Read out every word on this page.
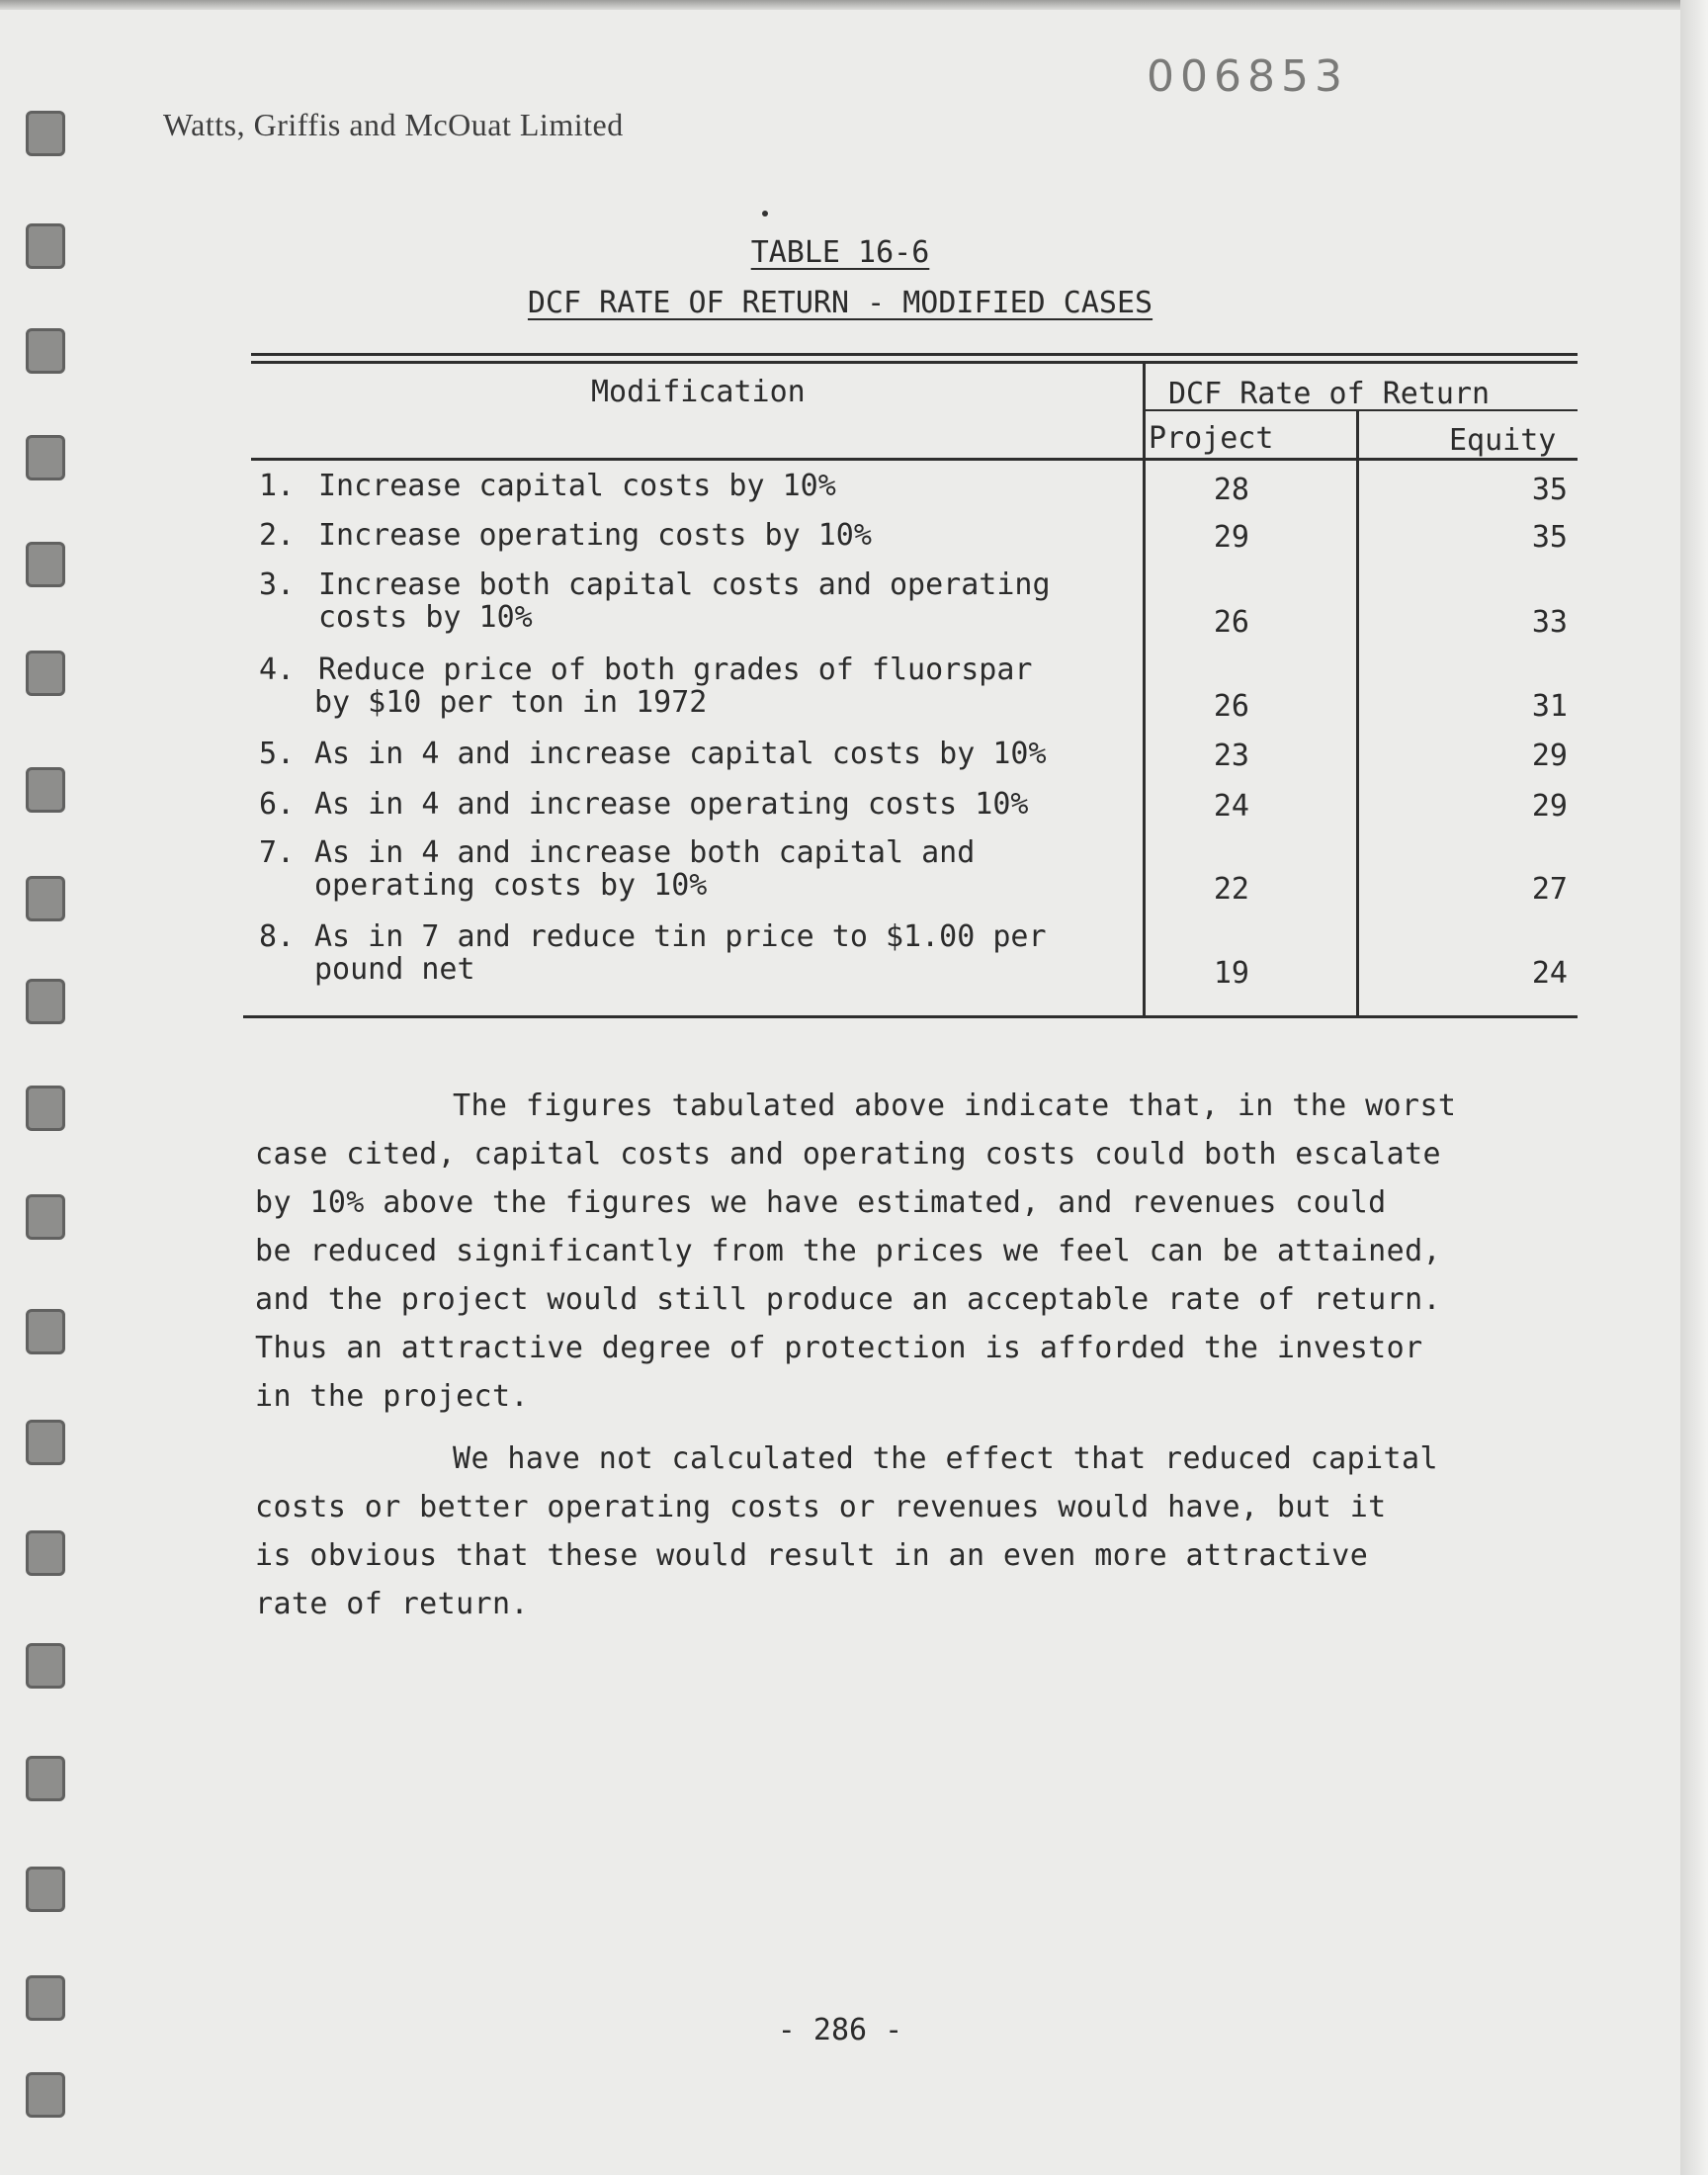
006853
Watts, Griffis and McOuat Limited
TABLE 16-6
DCF RATE OF RETURN - MODIFIED CASES
Modification	DCF Rate of Return
Project	Equity
1. Increase capital costs by 10%	28	35
2. Increase operating costs by 10%	29	35
3. Increase both capital costs and operating
costs by 10%	26	33
4. Reduce price of both grades of fluorspar
by $10 per ton in 1972	26	31
5. As in 4 and increase capital costs by 10%	23	29
6. As in 4 and increase operating costs 10%	24	29
7. As in 4 and increase both capital and
operating costs by 10%	22	27
8. As in 7 and reduce tin price to $1.00 per
pound net	19	24
The figures tabulated above indicate that, in the worst
case cited, capital costs and operating costs could both escalate
by 10% above the figures we have estimated, and revenues could
be reduced significantly from the prices we feel can be attained,
and the project would still produce an acceptable rate of return.
Thus an attractive degree of protection is afforded the investor
in the project.
We have not calculated the effect that reduced capital
costs or better operating costs or revenues would have, but it
is obvious that these would result in an even more attractive
rate of return.
- 286 -
